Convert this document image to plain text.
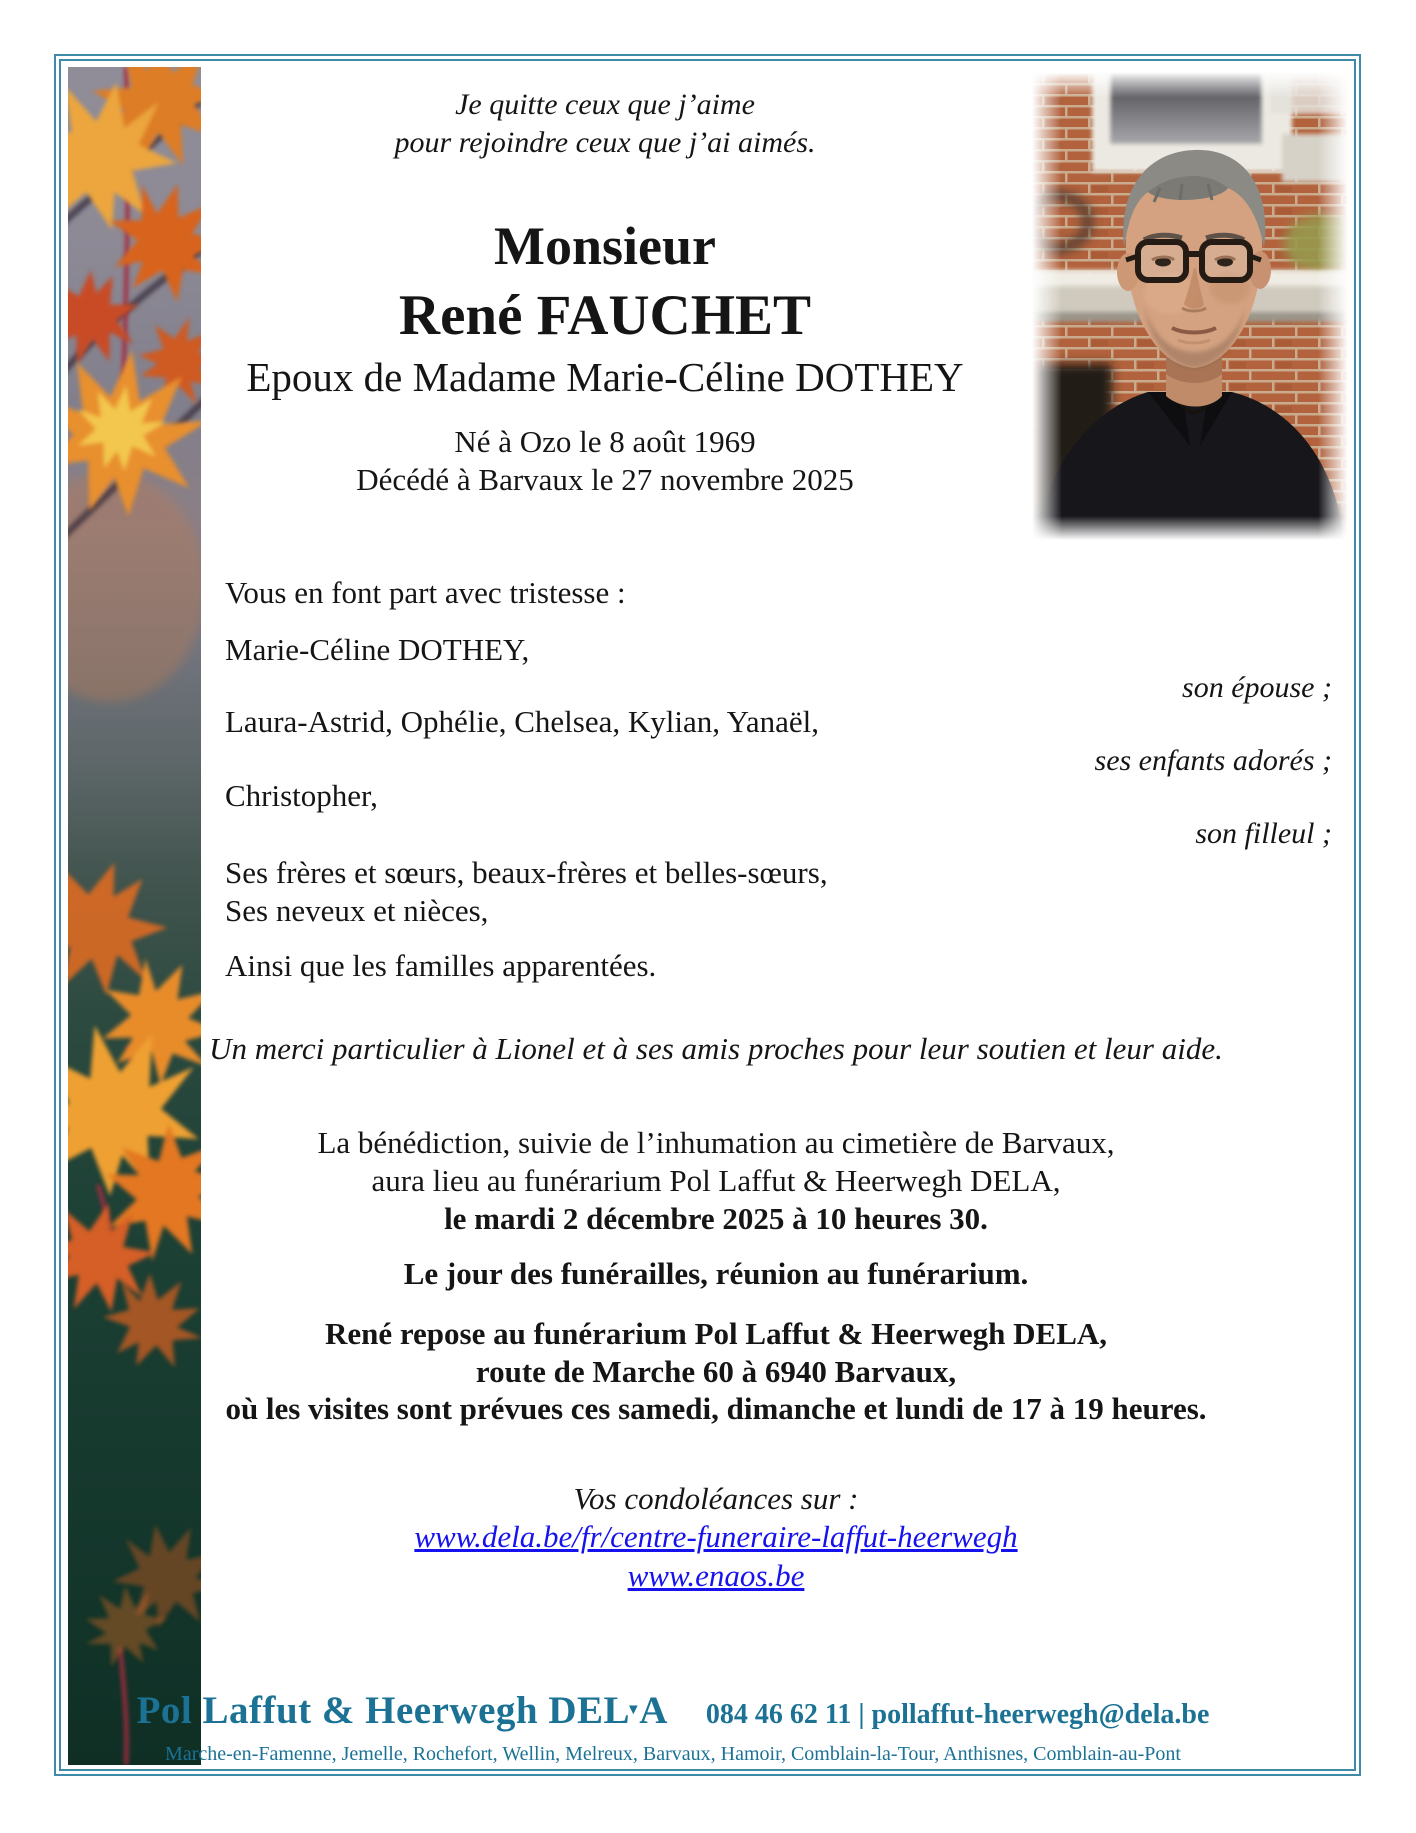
Je quitte ceux que j’aime
pour rejoindre ceux que j’ai aimés.
Monsieur
René FAUCHET
Epoux de Madame Marie-Céline DOTHEY
Né à Ozo le 8 août 1969
Décédé à Barvaux le 27 novembre 2025
Vous en font part avec tristesse :
Marie-Céline DOTHEY,
son épouse ;
Laura-Astrid, Ophélie, Chelsea, Kylian, Yanaël,
ses enfants adorés ;
Christopher,
son filleul ;
Ses frères et sœurs, beaux-frères et belles-sœurs,
Ses neveux et nièces,
Ainsi que les familles apparentées.
Un merci particulier à Lionel et à ses amis proches pour leur soutien et leur aide.
La bénédiction, suivie de l’inhumation au cimetière de Barvaux,
aura lieu au funérarium Pol Laffut & Heerwegh DELA,
le mardi 2 décembre 2025 à 10 heures 30.
Le jour des funérailles, réunion au funérarium.
René repose au funérarium Pol Laffut & Heerwegh DELA,
route de Marche 60 à 6940 Barvaux,
où les visites sont prévues ces samedi, dimanche et lundi de 17 à 19 heures.
Vos condoléances sur :
www.dela.be/fr/centre-funeraire-laffut-heerwegh
www.enaos.be
Pol Laffut & Heerwegh DEL▼A 084 46 62 11 | pollaffut-heerwegh@dela.be
Marche-en-Famenne, Jemelle, Rochefort, Wellin, Melreux, Barvaux, Hamoir, Comblain-la-Tour, Anthisnes, Comblain-au-Pont
